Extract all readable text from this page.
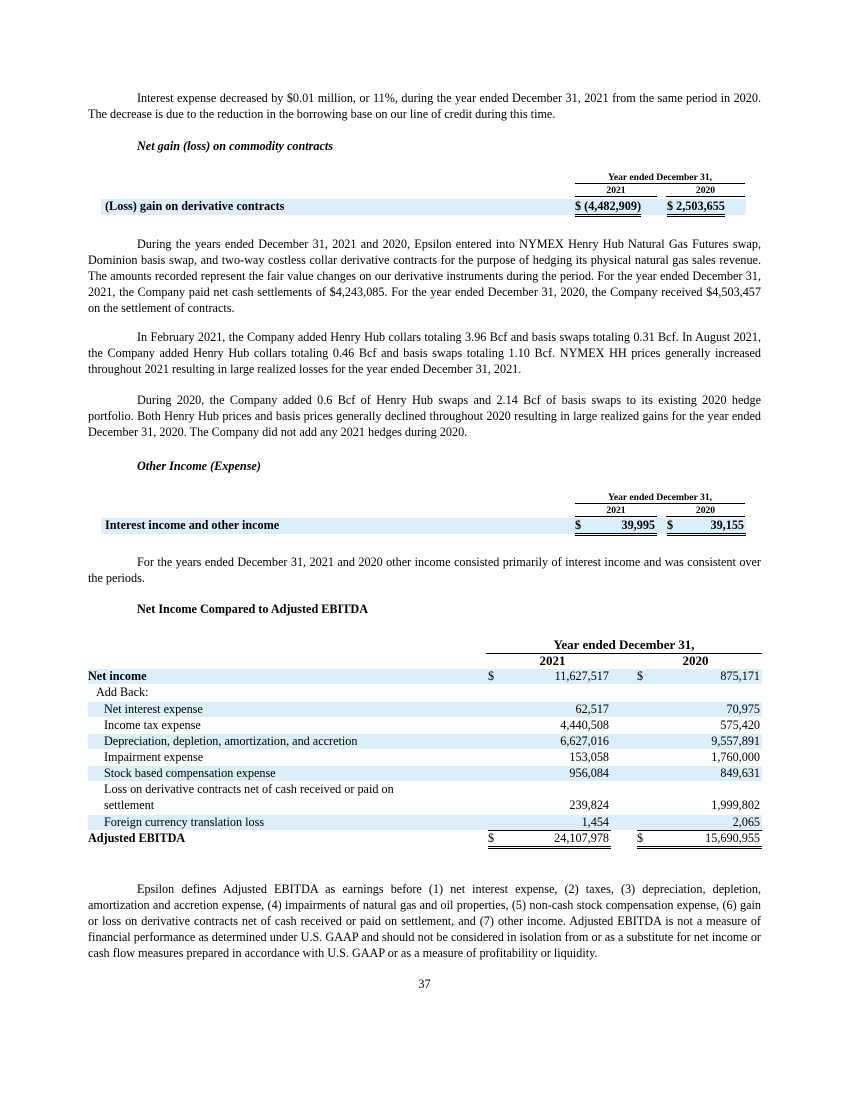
Interest expense decreased by $0.01 million, or 11%, during the year ended December 31, 2021 from the same period in 2020. The decrease is due to the reduction in the borrowing base on our line of credit during this time.

Net gain (loss) on commodity contracts
Year ended December 31,
2021	2020
(Loss) gain on derivative contracts	$ (4,482,909) $ 2,503,655

During the years ended December 31, 2021 and 2020, Epsilon entered into NYMEX Henry Hub Natural Gas Futures swap, Dominion basis swap, and two-way costless collar derivative contracts for the purpose of hedging its physical natural gas sales revenue. The amounts recorded represent the fair value changes on our derivative instruments during the period. For the year ended December 31, 2021, the Company paid net cash settlements of $4,243,085. For the year ended December 31, 2020, the Company received $4,503,457 on the settlement of contracts.

In February 2021, the Company added Henry Hub collars totaling 3.96 Bcf and basis swaps totaling 0.31 Bcf. In August 2021, the Company added Henry Hub collars totaling 0.46 Bcf and basis swaps totaling 1.10 Bcf. NYMEX HH prices generally increased throughout 2021 resulting in large realized losses for the year ended December 31, 2021.

During 2020, the Company added 0.6 Bcf of Henry Hub swaps and 2.14 Bcf of basis swaps to its existing 2020 hedge portfolio. Both Henry Hub prices and basis prices generally declined throughout 2020 resulting in large realized gains for the year ended December 31, 2020. The Company did not add any 2021 hedges during 2020.

Other Income (Expense)
Year ended December 31,
2021	2020
Interest income and other income	$	39,995 $	39,155

For the years ended December 31, 2021 and 2020 other income consisted primarily of interest income and was consistent over the periods.

Net Income Compared to Adjusted EBITDA
Year ended December 31,
2021	2020
Net income	$	11,627,517 $	875,171
Add Back:
Net interest expense	62,517	70,975
Income tax expense	4,440,508	575,420
Depreciation, depletion, amortization, and accretion	6,627,016	9,557,891
Impairment expense	153,058	1,760,000
Stock based compensation expense	956,084	849,631
Loss on derivative contracts net of cash received or paid on
settlement	239,824	1,999,802
Foreign currency translation loss	1,454	2,065
Adjusted EBITDA	$	24,107,978 $	15,690,955

Epsilon defines Adjusted EBITDA as earnings before (1) net interest expense, (2) taxes, (3) depreciation, depletion, amortization and accretion expense, (4) impairments of natural gas and oil properties, (5) non-cash stock compensation expense, (6) gain or loss on derivative contracts net of cash received or paid on settlement, and (7) other income. Adjusted EBITDA is not a measure of financial performance as determined under U.S. GAAP and should not be considered in isolation from or as a substitute for net income or cash flow measures prepared in accordance with U.S. GAAP or as a measure of profitability or liquidity.

37
